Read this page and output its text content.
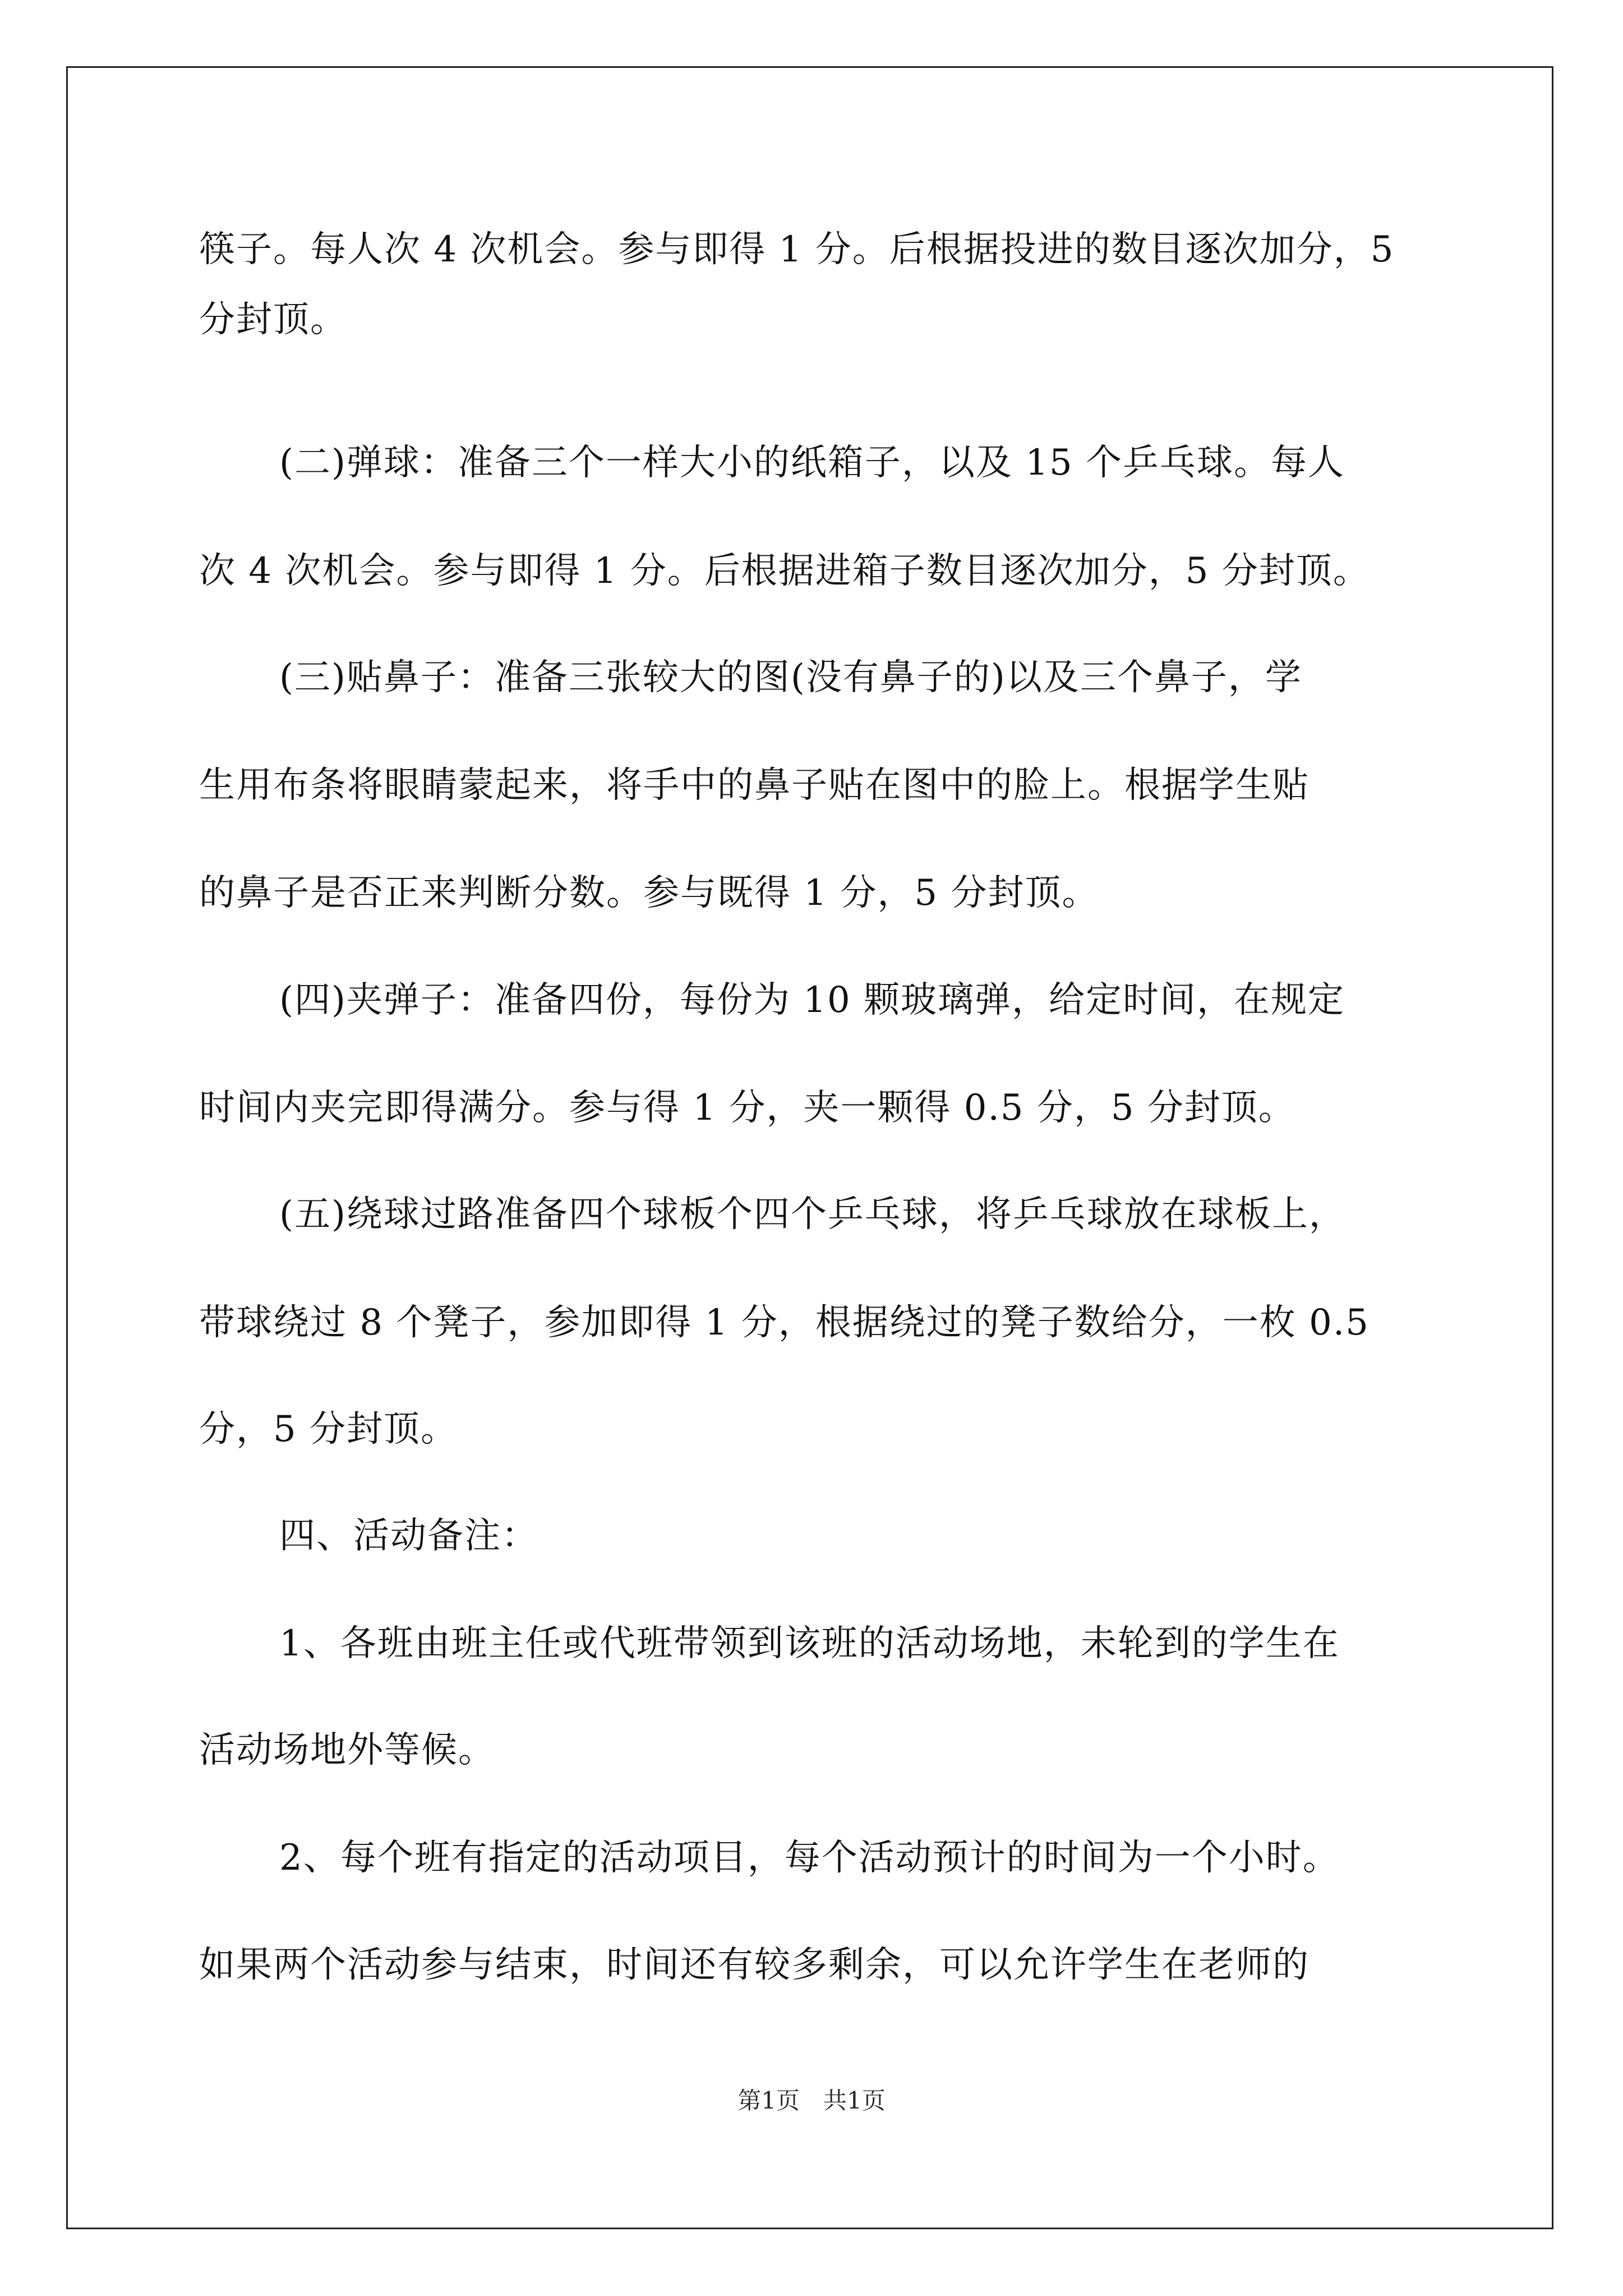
筷子。每人次 4 次机会。参与即得 1 分。后根据投进的数目逐次加分，5
分封顶。
(二)弹球：准备三个一样大小的纸箱子，以及 15 个乒乓球。每人
次 4 次机会。参与即得 1 分。后根据进箱子数目逐次加分，5 分封顶。
(三)贴鼻子：准备三张较大的图(没有鼻子的)以及三个鼻子，学
生用布条将眼睛蒙起来，将手中的鼻子贴在图中的脸上。根据学生贴
的鼻子是否正来判断分数。参与既得 1 分，5 分封顶。
(四)夹弹子：准备四份，每份为 10 颗玻璃弹，给定时间，在规定
时间内夹完即得满分。参与得 1 分，夹一颗得 0.5 分，5 分封顶。
(五)绕球过路准备四个球板个四个乒乓球，将乒乓球放在球板上，
带球绕过 8 个凳子，参加即得 1 分，根据绕过的凳子数给分，一枚 0.5
分，5 分封顶。
四、活动备注：
1、各班由班主任或代班带领到该班的活动场地，未轮到的学生在
活动场地外等候。
2、每个班有指定的活动项目，每个活动预计的时间为一个小时。
如果两个活动参与结束，时间还有较多剩余，可以允许学生在老师的
第1页　共1页
